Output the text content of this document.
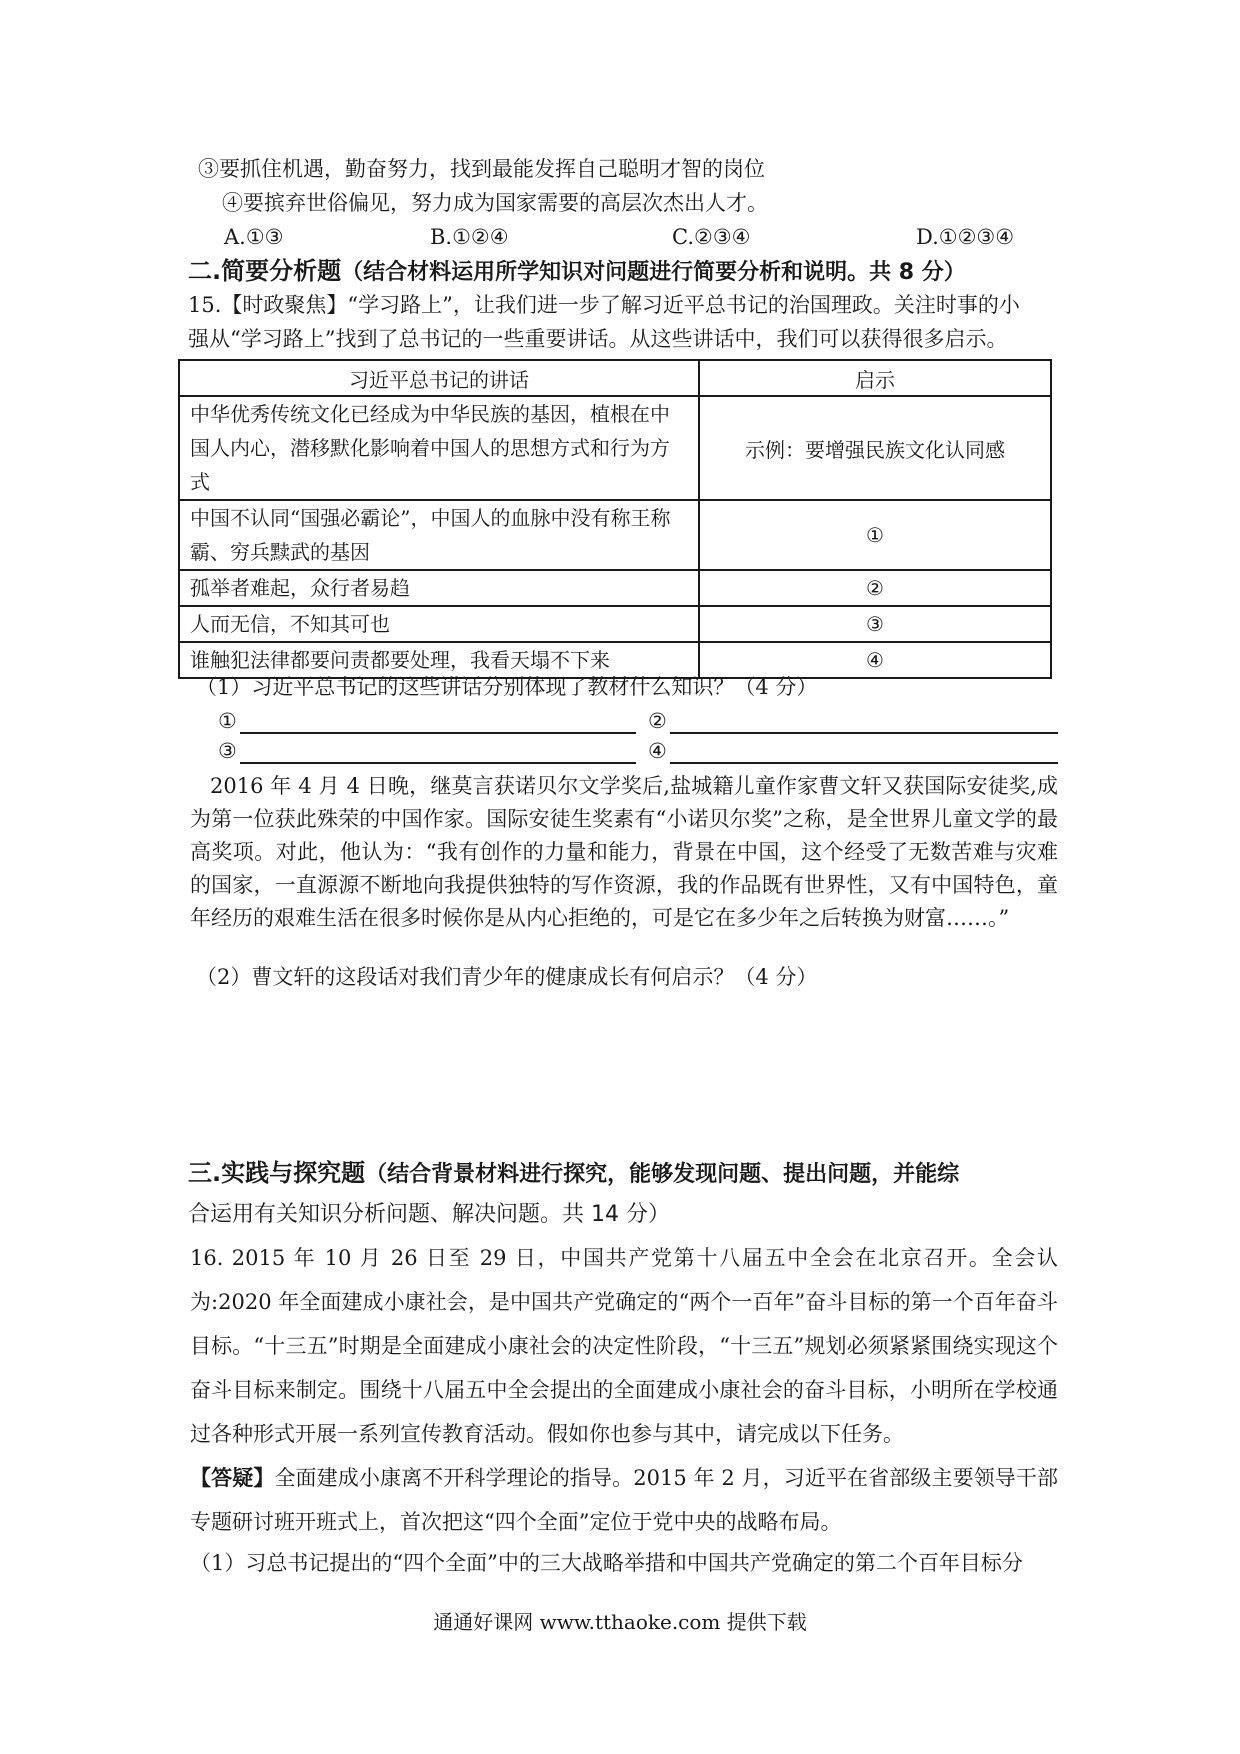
③要抓住机遇，勤奋努力，找到最能发挥自己聪明才智的岗位
④要摈弃世俗偏见，努力成为国家需要的高层次杰出人才。
A.①③	B.①②④	C.②③④	D.①②③④
二.简要分析题（结合材料运用所学知识对问题进行简要分析和说明。共 8 分）
15.【时政聚焦】“学习路上”，让我们进一步了解习近平总书记的治国理政。关注时事的小
强从“学习路上”找到了总书记的一些重要讲话。从这些讲话中，我们可以获得很多启示。
习近平总书记的讲话	启示
中华优秀传统文化已经成为中华民族的基因，植根在中国人内心，潜移默化影响着中国人的思想方式和行为方式	示例：要增强民族文化认同感
中国不认同“国强必霸论”，中国人的血脉中没有称王称霸、穷兵黩武的基因	①
孤举者难起，众行者易趋	②
人而无信，不知其可也	③
谁触犯法律都要问责都要处理，我看天塌不下来	④
（1）习近平总书记的这些讲话分别体现了教材什么知识？（4 分）
①	②
③	④
2016 年 4 月 4 日晚，继莫言获诺贝尔文学奖后,盐城籍儿童作家曹文轩又获国际安徒奖,成为第一位获此殊荣的中国作家。国际安徒生奖素有“小诺贝尔奖”之称，是全世界儿童文学的最高奖项。对此，他认为：“我有创作的力量和能力，背景在中国，这个经受了无数苦难与灾难的国家，一直源源不断地向我提供独特的写作资源，我的作品既有世界性，又有中国特色，童年经历的艰难生活在很多时候你是从内心拒绝的，可是它在多少年之后转换为财富……。”
（2）曹文轩的这段话对我们青少年的健康成长有何启示？（4 分）
三.实践与探究题（结合背景材料进行探究，能够发现问题、提出问题，并能综
合运用有关知识分析问题、解决问题。共 14 分）
16. 2015 年 10 月 26 日至 29 日，中国共产党第十八届五中全会在北京召开。全会认为:2020 年全面建成小康社会，是中国共产党确定的“两个一百年”奋斗目标的第一个百年奋斗目标。“十三五”时期是全面建成小康社会的决定性阶段，“十三五”规划必须紧紧围绕实现这个奋斗目标来制定。围绕十八届五中全会提出的全面建成小康社会的奋斗目标，小明所在学校通过各种形式开展一系列宣传教育活动。假如你也参与其中，请完成以下任务。
【答疑】全面建成小康离不开科学理论的指导。2015 年 2 月，习近平在省部级主要领导干部专题研讨班开班式上，首次把这“四个全面”定位于党中央的战略布局。
（1）习总书记提出的“四个全面”中的三大战略举措和中国共产党确定的第二个百年目标分
通通好课网 www.tthaoke.com 提供下载
